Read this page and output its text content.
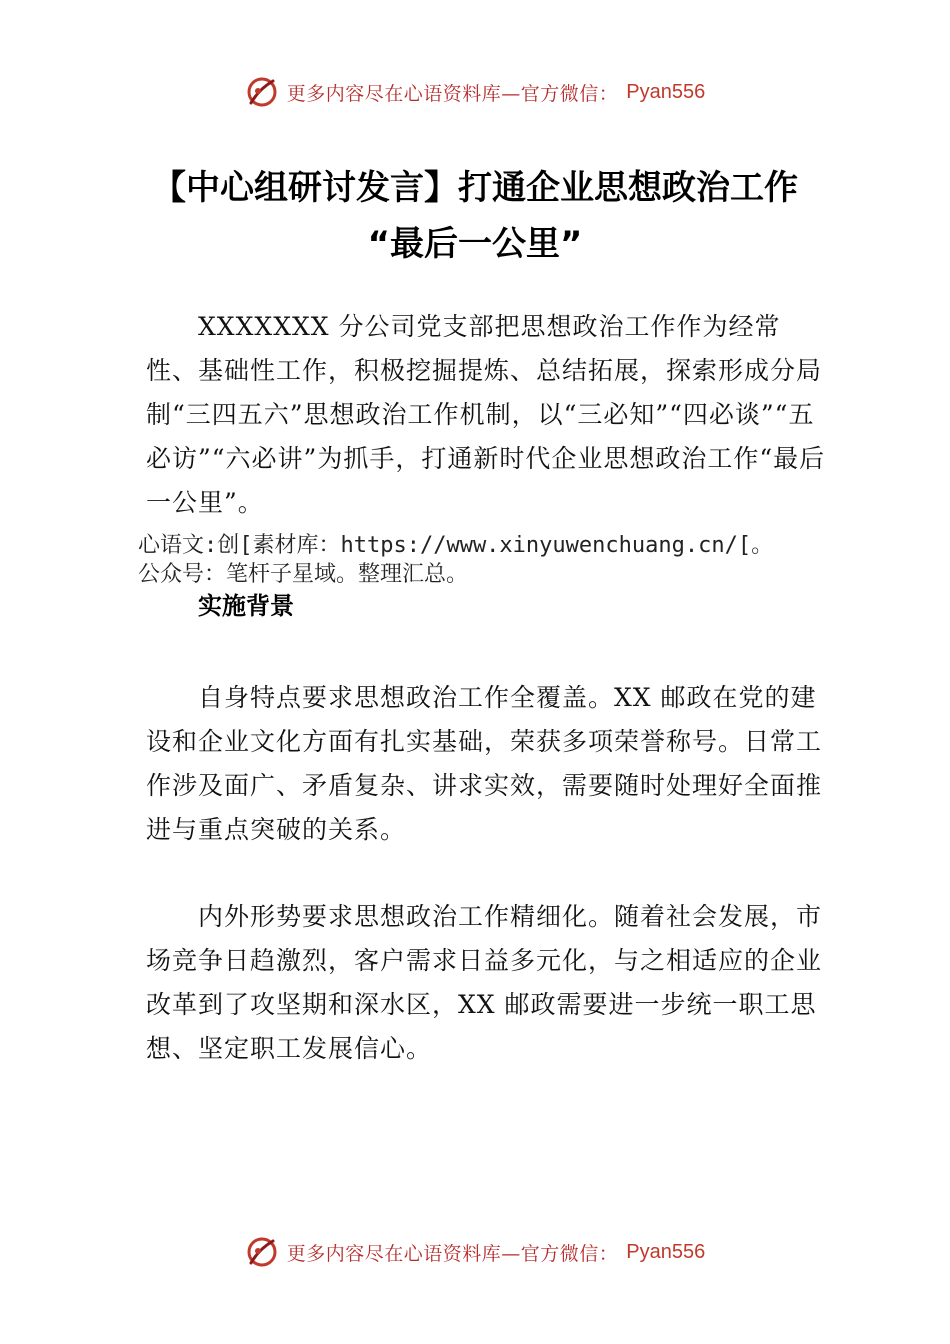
更多内容尽在心语资料库—官方微信： Pyan556
【中心组研讨发言】打通企业思想政治工作
“最后一公里”

XXXXXXX 分公司党支部把思想政治工作作为经常性、基础性工作，积极挖掘提炼、总结拓展，探索形成分局制“三四五六”思想政治工作机制，以“三必知”“四必谈”“五必访”“六必讲”为抓手，打通新时代企业思想政治工作“最后一公里”。

心语文:创[素材库：https://www.xinyuwenchuang.cn/[。
公众号：笔杆子星域。整理汇总。
实施背景

自身特点要求思想政治工作全覆盖。XX 邮政在党的建设和企业文化方面有扎实基础，荣获多项荣誉称号。日常工作涉及面广、矛盾复杂、讲求实效，需要随时处理好全面推进与重点突破的关系。

内外形势要求思想政治工作精细化。随着社会发展，市场竞争日趋激烈，客户需求日益多元化，与之相适应的企业改革到了攻坚期和深水区，XX 邮政需要进一步统一职工思想、坚定职工发展信心。

更多内容尽在心语资料库—官方微信： Pyan556
